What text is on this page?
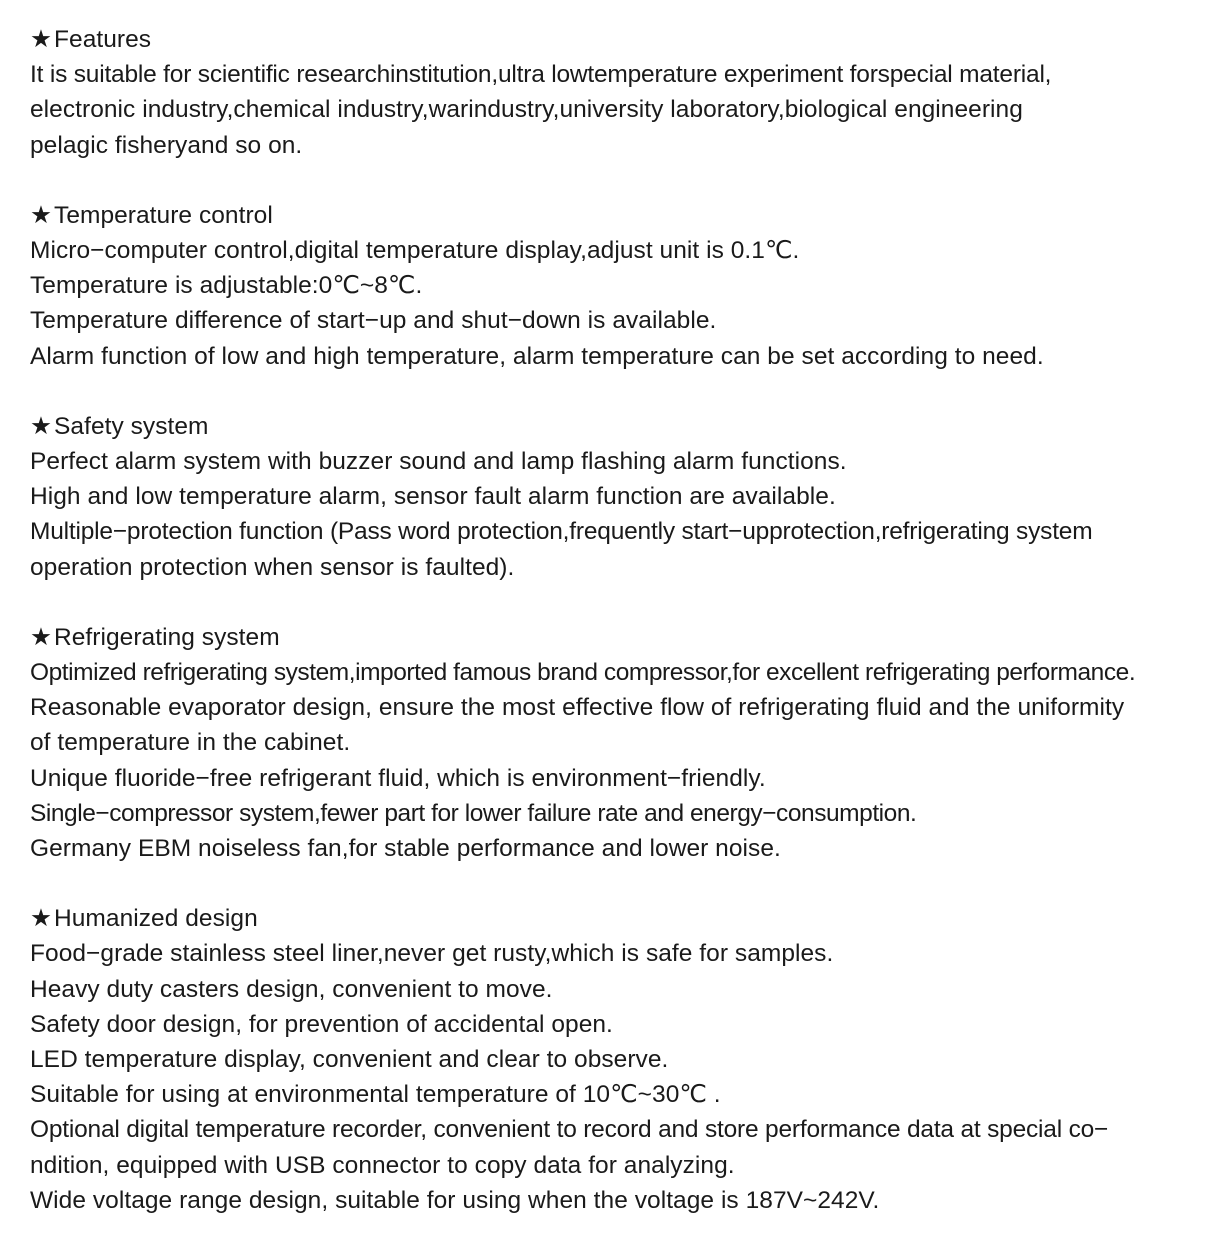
★Features
It is suitable for scientific researchinstitution,ultra lowtemperature experiment forspecial material,
electronic industry,chemical industry,warindustry,university laboratory,biological engineering
pelagic fisheryand so on.
★Temperature control
Micro−computer control,digital temperature display,adjust unit is 0.1℃.
Temperature is adjustable:0℃~8℃.
Temperature difference of start−up and shut−down is available.
Alarm function of low and high temperature, alarm temperature can be set according to need.
★Safety system
Perfect alarm system with buzzer sound and lamp flashing alarm functions.
High and low temperature alarm, sensor fault alarm function are available.
Multiple−protection function (Pass word protection,frequently start−upprotection,refrigerating system
operation protection when sensor is faulted).
★Refrigerating system
Optimized refrigerating system,imported famous brand compressor,for excellent refrigerating performance.
Reasonable evaporator design, ensure the most effective flow of refrigerating fluid and the uniformity
of temperature in the cabinet.
Unique fluoride−free refrigerant fluid, which is environment−friendly.
Single−compressor system,fewer part for lower failure rate and energy−consumption.
Germany EBM noiseless fan,for stable performance and lower noise.
★Humanized design
Food−grade stainless steel liner,never get rusty,which is safe for samples.
Heavy duty casters design, convenient to move.
Safety door design, for prevention of accidental open.
LED temperature display, convenient and clear to observe.
Suitable for using at environmental temperature of 10℃~30℃ .
Optional digital temperature recorder, convenient to record and store performance data at special co−
ndition, equipped with USB connector to copy data for analyzing.
Wide voltage range design, suitable for using when the voltage is 187V~242V.
